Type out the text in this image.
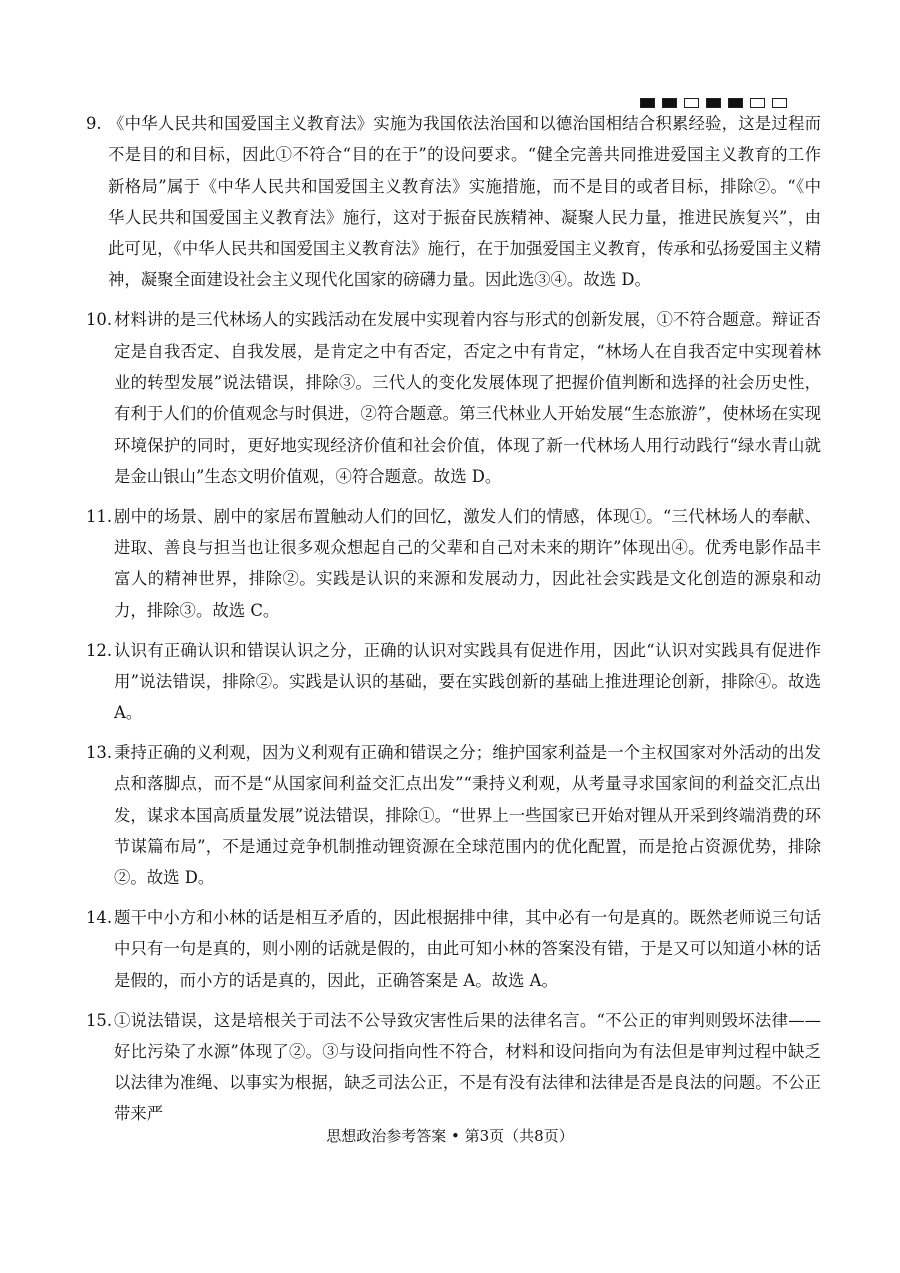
9. 《中华人民共和国爱国主义教育法》实施为我国依法治国和以德治国相结合积累经验，这是过程而不是目的和目标，因此①不符合“目的在于”的设问要求。“健全完善共同推进爱国主义教育的工作新格局”属于《中华人民共和国爱国主义教育法》实施措施，而不是目的或者目标，排除②。“《中华人民共和国爱国主义教育法》施行，这对于振奋民族精神、凝聚人民力量，推进民族复兴”，由此可见，《中华人民共和国爱国主义教育法》施行，在于加强爱国主义教育，传承和弘扬爱国主义精神，凝聚全面建设社会主义现代化国家的磅礴力量。因此选③④。故选 D。
10. 材料讲的是三代林场人的实践活动在发展中实现着内容与形式的创新发展，①不符合题意。辩证否定是自我否定、自我发展，是肯定之中有否定，否定之中有肯定，“林场人在自我否定中实现着林业的转型发展”说法错误，排除③。三代人的变化发展体现了把握价值判断和选择的社会历史性，有利于人们的价值观念与时俱进，②符合题意。第三代林业人开始发展“生态旅游”，使林场在实现环境保护的同时，更好地实现经济价值和社会价值，体现了新一代林场人用行动践行“绿水青山就是金山银山”生态文明价值观，④符合题意。故选 D。
11. 剧中的场景、剧中的家居布置触动人们的回忆，激发人们的情感，体现①。“三代林场人的奉献、进取、善良与担当也让很多观众想起自己的父辈和自己对未来的期许”体现出④。优秀电影作品丰富人的精神世界，排除②。实践是认识的来源和发展动力，因此社会实践是文化创造的源泉和动力，排除③。故选 C。
12. 认识有正确认识和错误认识之分，正确的认识对实践具有促进作用，因此“认识对实践具有促进作用”说法错误，排除②。实践是认识的基础，要在实践创新的基础上推进理论创新，排除④。故选 A。
13. 秉持正确的义利观，因为义利观有正确和错误之分；维护国家利益是一个主权国家对外活动的出发点和落脚点，而不是“从国家间利益交汇点出发”“秉持义利观，从考量寻求国家间的利益交汇点出发，谋求本国高质量发展”说法错误，排除①。“世界上一些国家已开始对锂从开采到终端消费的环节谋篇布局”，不是通过竞争机制推动锂资源在全球范围内的优化配置，而是抢占资源优势，排除②。故选 D。
14. 题干中小方和小林的话是相互矛盾的，因此根据排中律，其中必有一句是真的。既然老师说三句话中只有一句是真的，则小刚的话就是假的，由此可知小林的答案没有错，于是又可以知道小林的话是假的，而小方的话是真的，因此，正确答案是 A。故选 A。
15. ①说法错误，这是培根关于司法不公导致灾害性后果的法律名言。“不公正的审判则毁坏法律——好比污染了水源”体现了②。③与设问指向性不符合，材料和设问指向为有法但是审判过程中缺乏以法律为准绳、以事实为根据，缺乏司法公正，不是有没有法律和法律是否是良法的问题。不公正带来严
思想政治参考答案 • 第3页（共8页）
